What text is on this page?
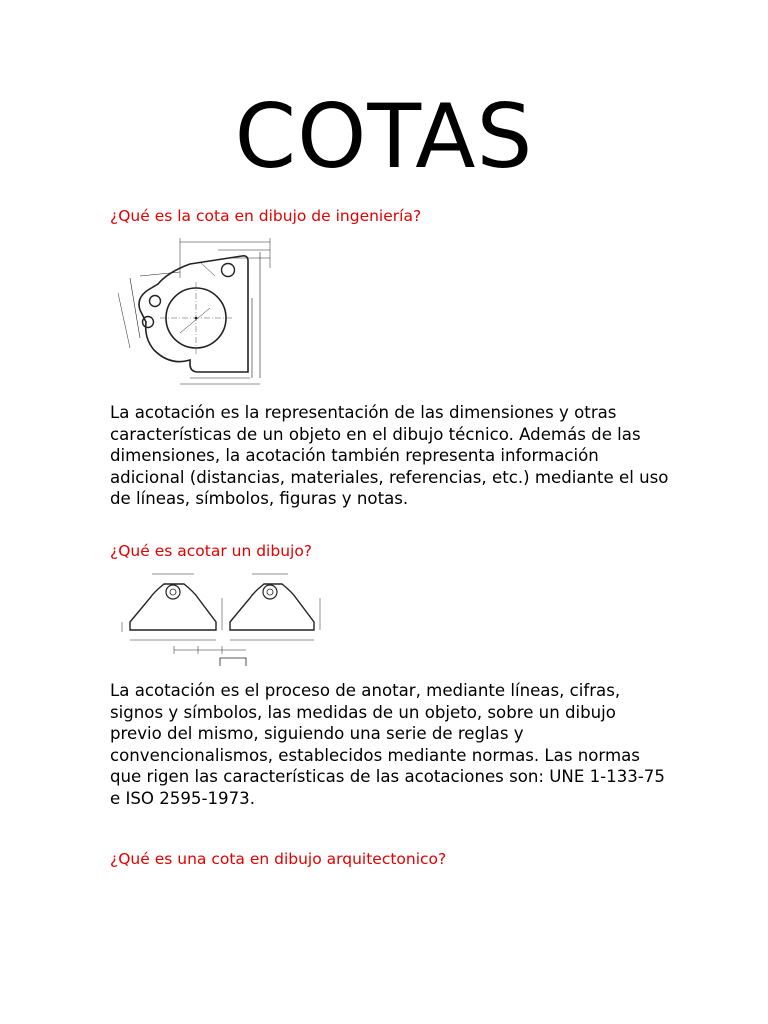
COTAS
¿Qué es la cota en dibujo de ingeniería?
La acotación es la representación de las dimensiones y otras características de un objeto en el dibujo técnico. Además de las dimensiones, la acotación también representa información adicional (distancias, materiales, referencias, etc.) mediante el uso de líneas, símbolos, figuras y notas.
¿Qué es acotar un dibujo?
La acotación es el proceso de anotar, mediante líneas, cifras, signos y símbolos, las medidas de un objeto, sobre un dibujo previo del mismo, siguiendo una serie de reglas y convencionalismos, establecidos mediante normas. Las normas que rigen las características de las acotaciones son: UNE 1-133-75 e ISO 2595-1973.
¿Qué es una cota en dibujo arquitectonico?
